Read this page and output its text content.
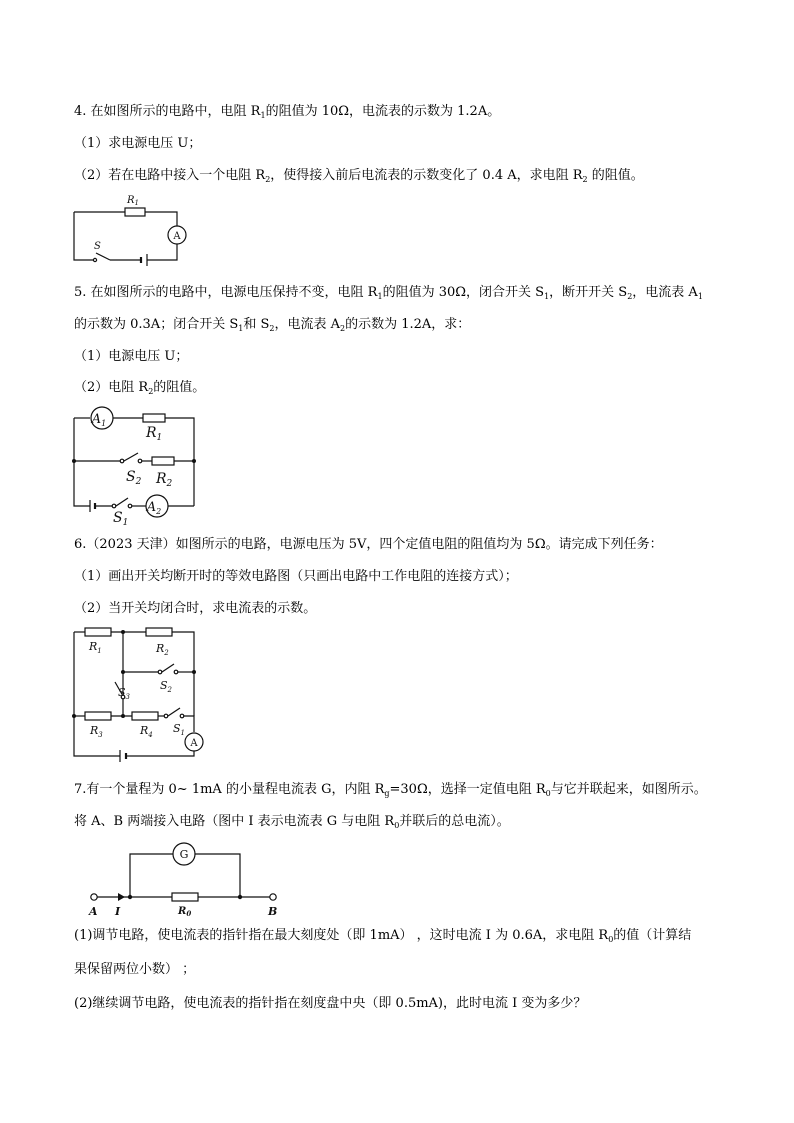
4. 在如图所示的电路中，电阻 $R_1$的阻值为 10Ω，电流表的示数为 1.2A。
（1）求电源电压 U；
（2）若在电路中接入一个电阻 $R_2$，使得接入前后电流表的示数变化了 0.4 A，求电阻 $R_2$ 的阻值。
A
$R_1$
S
5. 在如图所示的电路中，电源电压保持不变，电阻 $R_1$的阻值为 30Ω，闭合开关 $S_1$，断开开关 $S_2$，电流表 $A_1$
的示数为 0.3A；闭合开关 $S_1$和 $S_2$，电流表 $A_2$的示数为 1.2A，求：
（1）电源电压 U；
（2）电阻 $R_2$的阻值。
$A_1$
$R_1$
$S_2$ $R_2$
$A_2$
$S_1$
6.（2023 天津）如图所示的电路，电源电压为 5V，四个定值电阻的阻值均为 5Ω。请完成下列任务：
（1）画出开关均断开时的等效电路图（只画出电路中工作电阻的连接方式）；
（2）当开关均闭合时，求电流表的示数。
$R_1$	$R_2$
$S_2$
$S_3$
$R_3$	$R_4$ $S_1$
A
7.有一个量程为 0~ 1mA 的小量程电流表 G，内阻 $R_g=30\Omega$，选择一定值电阻 $R_0$与它并联起来，如图所示。
将 A、B 两端接入电路（图中 I 表示电流表 G 与电阻 $R_0$并联后的总电流）。
G
A I	$R_0$	B
(1)调节电路，使电流表的指针指在最大刻度处（即 1mA） ，这时电流 I 为 0.6A，求电阻 $R_0$的值（计算结
果保留两位小数） ；
(2)继续调节电路，使电流表的指针指在刻度盘中央（即 0.5mA)，此时电流 I 变为多少？
